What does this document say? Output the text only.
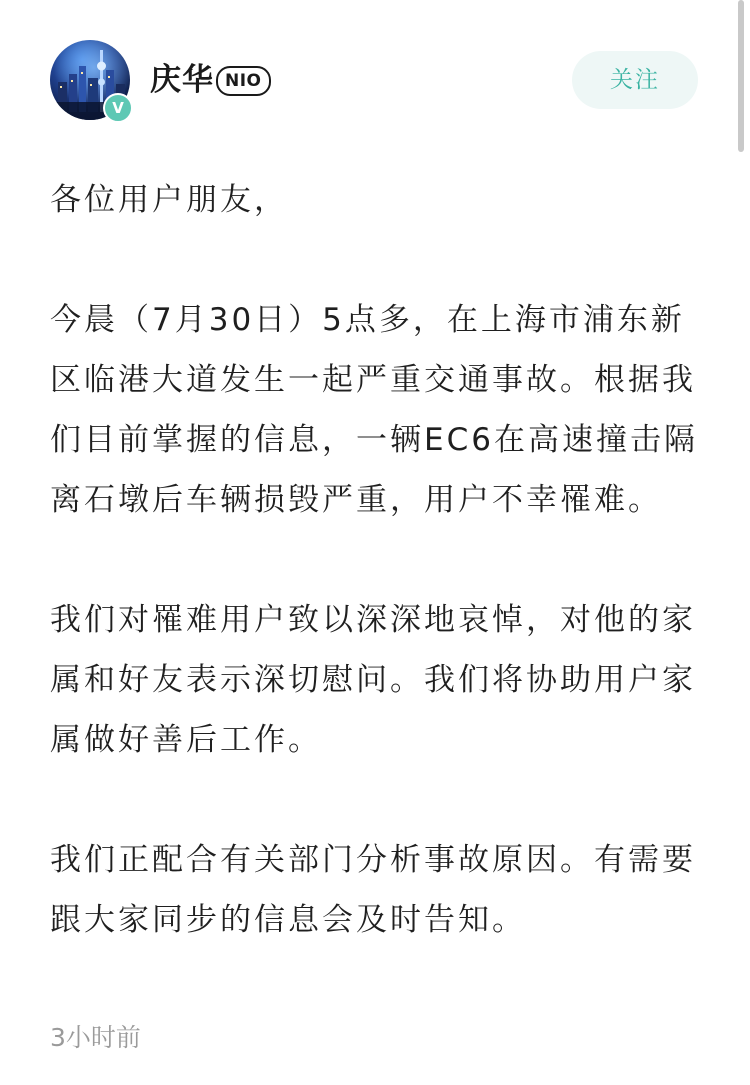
V
庆华 NIO	关注

各位用户朋友，

今晨（7月30日）5点多，在上海市浦东新区临港大道发生一起严重交通事故。根据我们目前掌握的信息，一辆EC6在高速撞击隔离石墩后车辆损毁严重，用户不幸罹难。

我们对罹难用户致以深深地哀悼，对他的家属和好友表示深切慰问。我们将协助用户家属做好善后工作。

我们正配合有关部门分析事故原因。有需要跟大家同步的信息会及时告知。

3小时前
